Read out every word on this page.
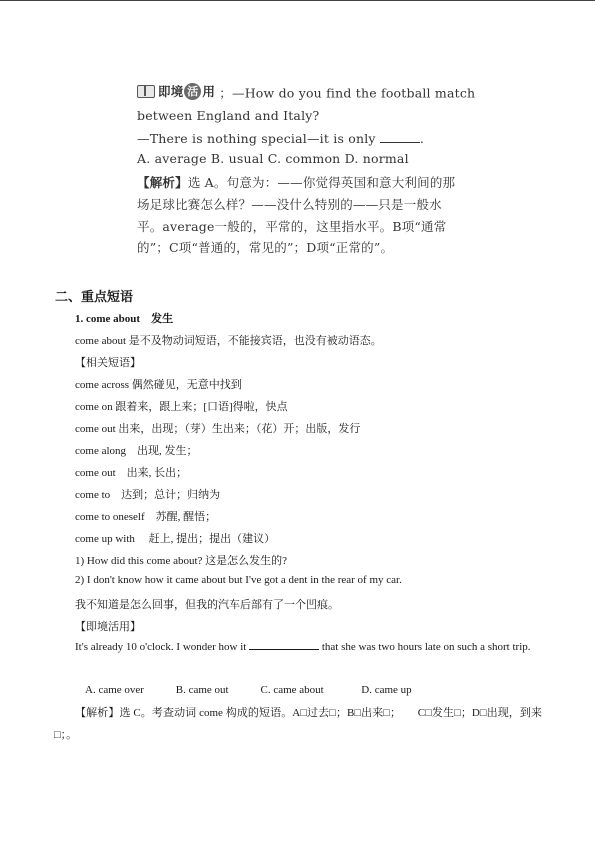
即境 活 用 ；—How do you find the football match
between England and Italy?
—There is nothing special—it is only	.
A. average B. usual C. common D. normal
【解析】选 A。句意为：——你觉得英国和意大利间的那
场足球比赛怎么样？——没什么特别的——只是一般水
平。average一般的，平常的，这里指水平。B项“通常
的”；C项“普通的，常见的”；D项“正常的”。
二、重点短语
1. come about　发生
come about 是不及物动词短语，不能接宾语，也没有被动语态。
【相关短语】
come across 偶然碰见，无意中找到
come on 跟着来，跟上来；[口语]得啦，快点
come out 出来，出现；（芽）生出来；（花）开；出版，发行
come along　出现, 发生；
come out　出来, 长出；
come to　达到；总计；归纳为
come to oneself　苏醒, 醒悟；
come up with　 赶上, 提出；提出（建议）
1) How did this come about? 这是怎么发生的?
2) I don't know how it came about but I've got a dent in the rear of my car.
我不知道是怎么回事，但我的汽车后部有了一个凹痕。
【即境活用】
It's already 10 o'clock. I wonder how it	that she was two hours late on such a short trip.
A. came over	B. came out	C. came about	D. came up
【解析】选 C。考查动词 come 构成的短语。A□过去□；B□出来□；　　C□发生□；D□出现，到来□；。
